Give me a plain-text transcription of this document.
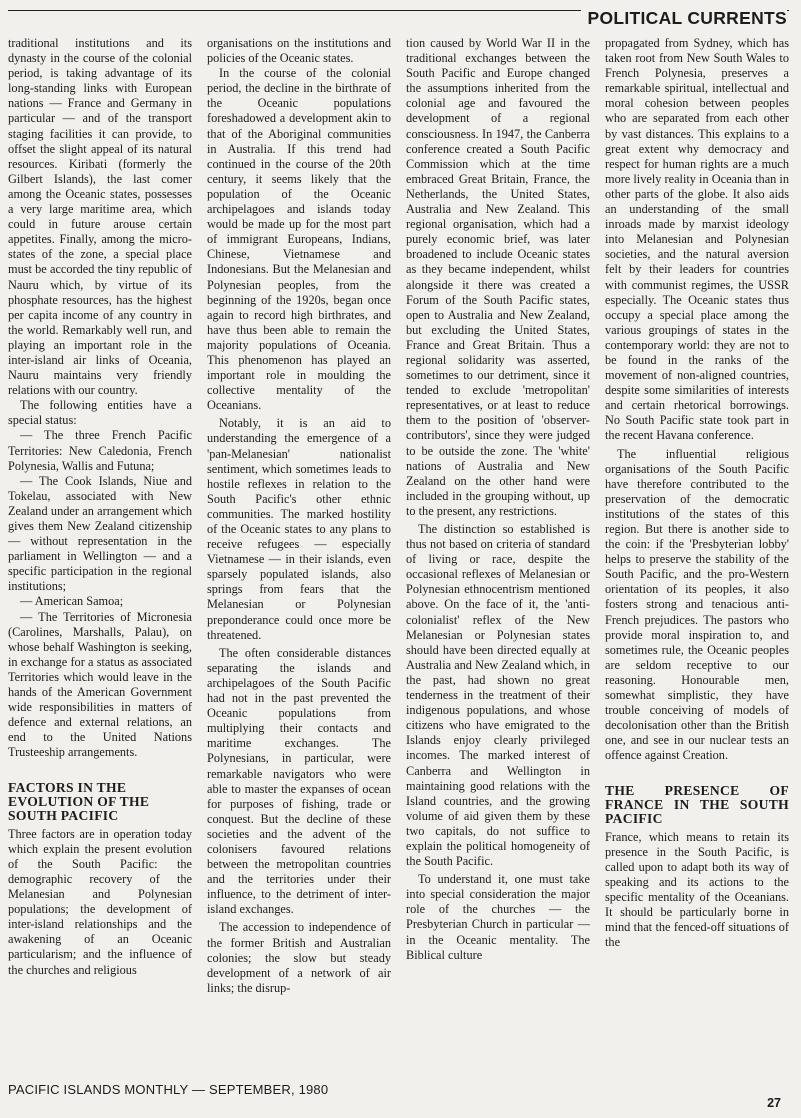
POLITICAL CURRENTS

traditional institutions and its dynasty in the course of the colonial period, is taking advantage of its long-standing links with European nations — France and Germany in particular — and of the transport staging facilities it can provide, to offset the slight appeal of its natural resources. Kiribati (formerly the Gilbert Islands), the last comer among the Oceanic states, possesses a very large maritime area, which could in future arouse certain appetites. Finally, among the micro-states of the zone, a special place must be accorded the tiny republic of Nauru which, by virtue of its phosphate resources, has the highest per capita income of any country in the world. Remarkably well run, and playing an important role in the inter-island air links of Oceania, Nauru maintains very friendly relations with our country.

The following entities have a special status:

— The three French Pacific Territories: New Caledonia, French Polynesia, Wallis and Futuna;

— The Cook Islands, Niue and Tokelau, associated with New Zealand under an arrangement which gives them New Zealand citizenship — without representation in the parliament in Wellington — and a specific participation in the regional institutions;

— American Samoa;

— The Territories of Micronesia (Carolines, Marshalls, Palau), on whose behalf Washington is seeking, in exchange for a status as associated Territories which would leave in the hands of the American Government wide responsibilities in matters of defence and external relations, an end to the United Nations Trusteeship arrangements.

FACTORS IN THE EVOLUTION OF THE SOUTH PACIFIC

Three factors are in operation today which explain the present evolution of the South Pacific: the demographic recovery of the Melanesian and Polynesian populations; the development of inter-island relationships and the awakening of an Oceanic particularism; and the influence of the churches and religious

organisations on the institutions and policies of the Oceanic states.

In the course of the colonial period, the decline in the birthrate of the Oceanic populations foreshadowed a development akin to that of the Aboriginal communities in Australia. If this trend had continued in the course of the 20th century, it seems likely that the population of the Oceanic archipelagoes and islands today would be made up for the most part of immigrant Europeans, Indians, Chinese, Vietnamese and Indonesians. But the Melanesian and Polynesian peoples, from the beginning of the 1920s, began once again to record high birthrates, and have thus been able to remain the majority populations of Oceania. This phenomenon has played an important role in moulding the collective mentality of the Oceanians.

Notably, it is an aid to understanding the emergence of a 'pan-Melanesian' nationalist sentiment, which sometimes leads to hostile reflexes in relation to the South Pacific's other ethnic communities. The marked hostility of the Oceanic states to any plans to receive refugees — especially Vietnamese — in their islands, even sparsely populated islands, also springs from fears that the Melanesian or Polynesian preponderance could once more be threatened.

The often considerable distances separating the islands and archipelagoes of the South Pacific had not in the past prevented the Oceanic populations from multiplying their contacts and maritime exchanges. The Polynesians, in particular, were remarkable navigators who were able to master the expanses of ocean for purposes of fishing, trade or conquest. But the decline of these societies and the advent of the colonisers favoured relations between the metropolitan countries and the territories under their influence, to the detriment of inter-island exchanges.

The accession to independence of the former British and Australian colonies; the slow but steady development of a network of air links; the disrup-

tion caused by World War II in the traditional exchanges between the South Pacific and Europe changed the assumptions inherited from the colonial age and favoured the development of a regional consciousness. In 1947, the Canberra conference created a South Pacific Commission which at the time embraced Great Britain, France, the Netherlands, the United States, Australia and New Zealand. This regional organisation, which had a purely economic brief, was later broadened to include Oceanic states as they became independent, whilst alongside it there was created a Forum of the South Pacific states, open to Australia and New Zealand, but excluding the United States, France and Great Britain. Thus a regional solidarity was asserted, sometimes to our detriment, since it tended to exclude 'metropolitan' representatives, or at least to reduce them to the position of 'observer-contributors', since they were judged to be outside the zone. The 'white' nations of Australia and New Zealand on the other hand were included in the grouping without, up to the present, any restrictions.

The distinction so established is thus not based on criteria of standard of living or race, despite the occasional reflexes of Melanesian or Polynesian ethnocentrism mentioned above. On the face of it, the 'anti-colonialist' reflex of the New Melanesian or Polynesian states should have been directed equally at Australia and New Zealand which, in the past, had shown no great tenderness in the treatment of their indigenous populations, and whose citizens who have emigrated to the Islands enjoy clearly privileged incomes. The marked interest of Canberra and Wellington in maintaining good relations with the Island countries, and the growing volume of aid given them by these two capitals, do not suffice to explain the political homogeneity of the South Pacific.

To understand it, one must take into special consideration the major role of the churches — the Presbyterian Church in particular — in the Oceanic mentality. The Biblical culture

propagated from Sydney, which has taken root from New South Wales to French Polynesia, preserves a remarkable spiritual, intellectual and moral cohesion between peoples who are separated from each other by vast distances. This explains to a great extent why democracy and respect for human rights are a much more lively reality in Oceania than in other parts of the globe. It also aids an understanding of the small inroads made by marxist ideology into Melanesian and Polynesian societies, and the natural aversion felt by their leaders for countries with communist regimes, the USSR especially. The Oceanic states thus occupy a special place among the various groupings of states in the contemporary world: they are not to be found in the ranks of the movement of non-aligned countries, despite some similarities of interests and certain rhetorical borrowings. No South Pacific state took part in the recent Havana conference.

The influential religious organisations of the South Pacific have therefore contributed to the preservation of the democratic institutions of the states of this region. But there is another side to the coin: if the 'Presbyterian lobby' helps to preserve the stability of the South Pacific, and the pro-Western orientation of its peoples, it also fosters strong and tenacious anti-French prejudices. The pastors who provide moral inspiration to, and sometimes rule, the Oceanic peoples are seldom receptive to our reasoning. Honourable men, somewhat simplistic, they have trouble conceiving of models of decolonisation other than the British one, and see in our nuclear tests an offence against Creation.

THE PRESENCE OF FRANCE IN THE SOUTH PACIFIC

France, which means to retain its presence in the South Pacific, is called upon to adapt both its way of speaking and its actions to the specific mentality of the Oceanians. It should be particularly borne in mind that the fenced-off situations of the

PACIFIC ISLANDS MONTHLY — SEPTEMBER, 1980
27
